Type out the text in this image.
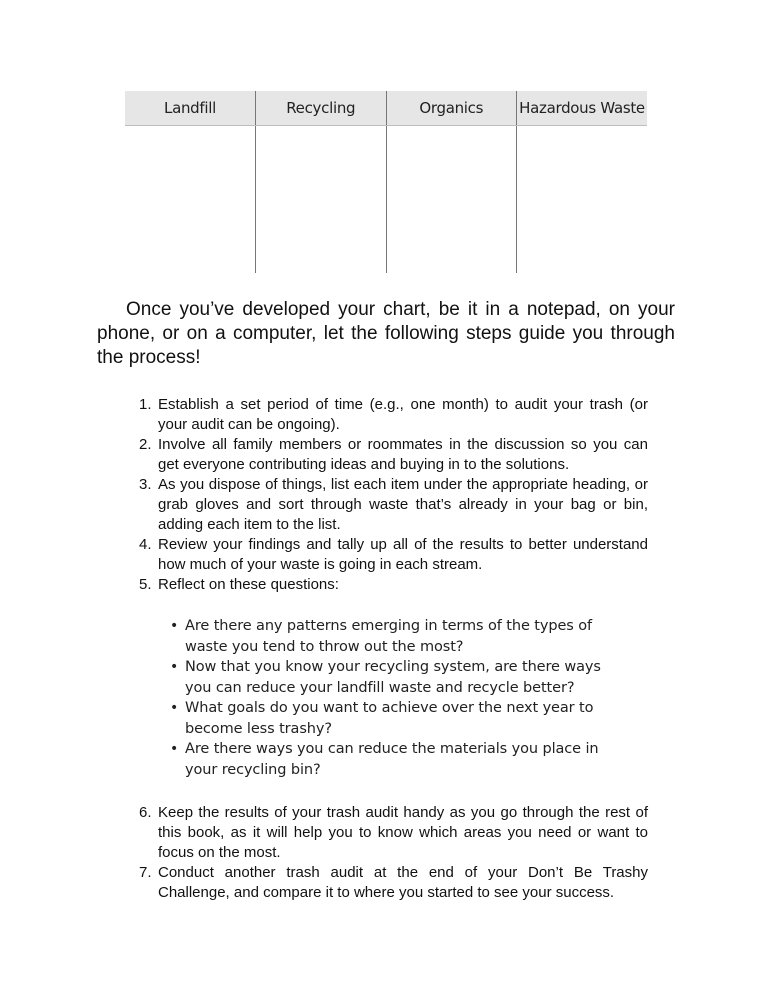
Landfill	Recycling	Organics	Hazardous Waste

Once you’ve developed your chart, be it in a notepad, on your phone, or on a computer, let the following steps guide you through the process!

1. Establish a set period of time (e.g., one month) to audit your trash (or your audit can be ongoing).
2. Involve all family members or roommates in the discussion so you can get everyone contributing ideas and buying in to the solutions.
3. As you dispose of things, list each item under the appropriate heading, or grab gloves and sort through waste that’s already in your bag or bin, adding each item to the list.
4. Review your findings and tally up all of the results to better understand how much of your waste is going in each stream.
5. Reflect on these questions:
• Are there any patterns emerging in terms of the types of waste you tend to throw out the most?
• Now that you know your recycling system, are there ways you can reduce your landfill waste and recycle better?
• What goals do you want to achieve over the next year to become less trashy?
• Are there ways you can reduce the materials you place in your recycling bin?
6. Keep the results of your trash audit handy as you go through the rest of this book, as it will help you to know which areas you need or want to focus on the most.
7. Conduct another trash audit at the end of your Don’t Be Trashy Challenge, and compare it to where you started to see your success.
